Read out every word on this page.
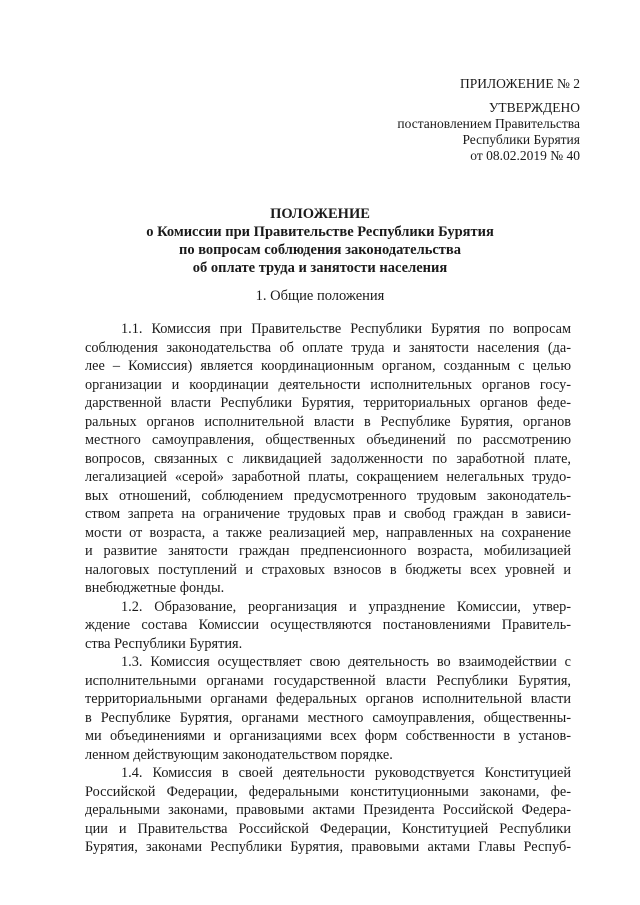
ПРИЛОЖЕНИЕ № 2
УТВЕРЖДЕНО
постановлением Правительства
Республики Бурятия
от 08.02.2019 № 40
ПОЛОЖЕНИЕ
о Комиссии при Правительстве Республики Бурятия
по вопросам соблюдения законодательства
об оплате труда и занятости населения
1. Общие положения
1.1. Комиссия при Правительстве Республики Бурятия по вопросам
соблюдения законодательства об оплате труда и занятости населения (да-
лее – Комиссия) является координационным органом, созданным с целью
организации и координации деятельности исполнительных органов госу-
дарственной власти Республики Бурятия, территориальных органов феде-
ральных органов исполнительной власти в Республике Бурятия, органов
местного самоуправления, общественных объединений по рассмотрению
вопросов, связанных с ликвидацией задолженности по заработной плате,
легализацией «серой» заработной платы, сокращением нелегальных трудо-
вых отношений, соблюдением предусмотренного трудовым законодатель-
ством запрета на ограничение трудовых прав и свобод граждан в зависи-
мости от возраста, а также реализацией мер, направленных на сохранение
и развитие занятости граждан предпенсионного возраста, мобилизацией
налоговых поступлений и страховых взносов в бюджеты всех уровней и
внебюджетные фонды.
1.2. Образование, реорганизация и упразднение Комиссии, утвер-
ждение состава Комиссии осуществляются постановлениями Правитель-
ства Республики Бурятия.
1.3. Комиссия осуществляет свою деятельность во взаимодействии с
исполнительными органами государственной власти Республики Бурятия,
территориальными органами федеральных органов исполнительной власти
в Республике Бурятия, органами местного самоуправления, общественны-
ми объединениями и организациями всех форм собственности в установ-
ленном действующим законодательством порядке.
1.4. Комиссия в своей деятельности руководствуется Конституцией
Российской Федерации, федеральными конституционными законами, фе-
деральными законами, правовыми актами Президента Российской Федера-
ции и Правительства Российской Федерации, Конституцией Республики
Бурятия, законами Республики Бурятия, правовыми актами Главы Респуб-
